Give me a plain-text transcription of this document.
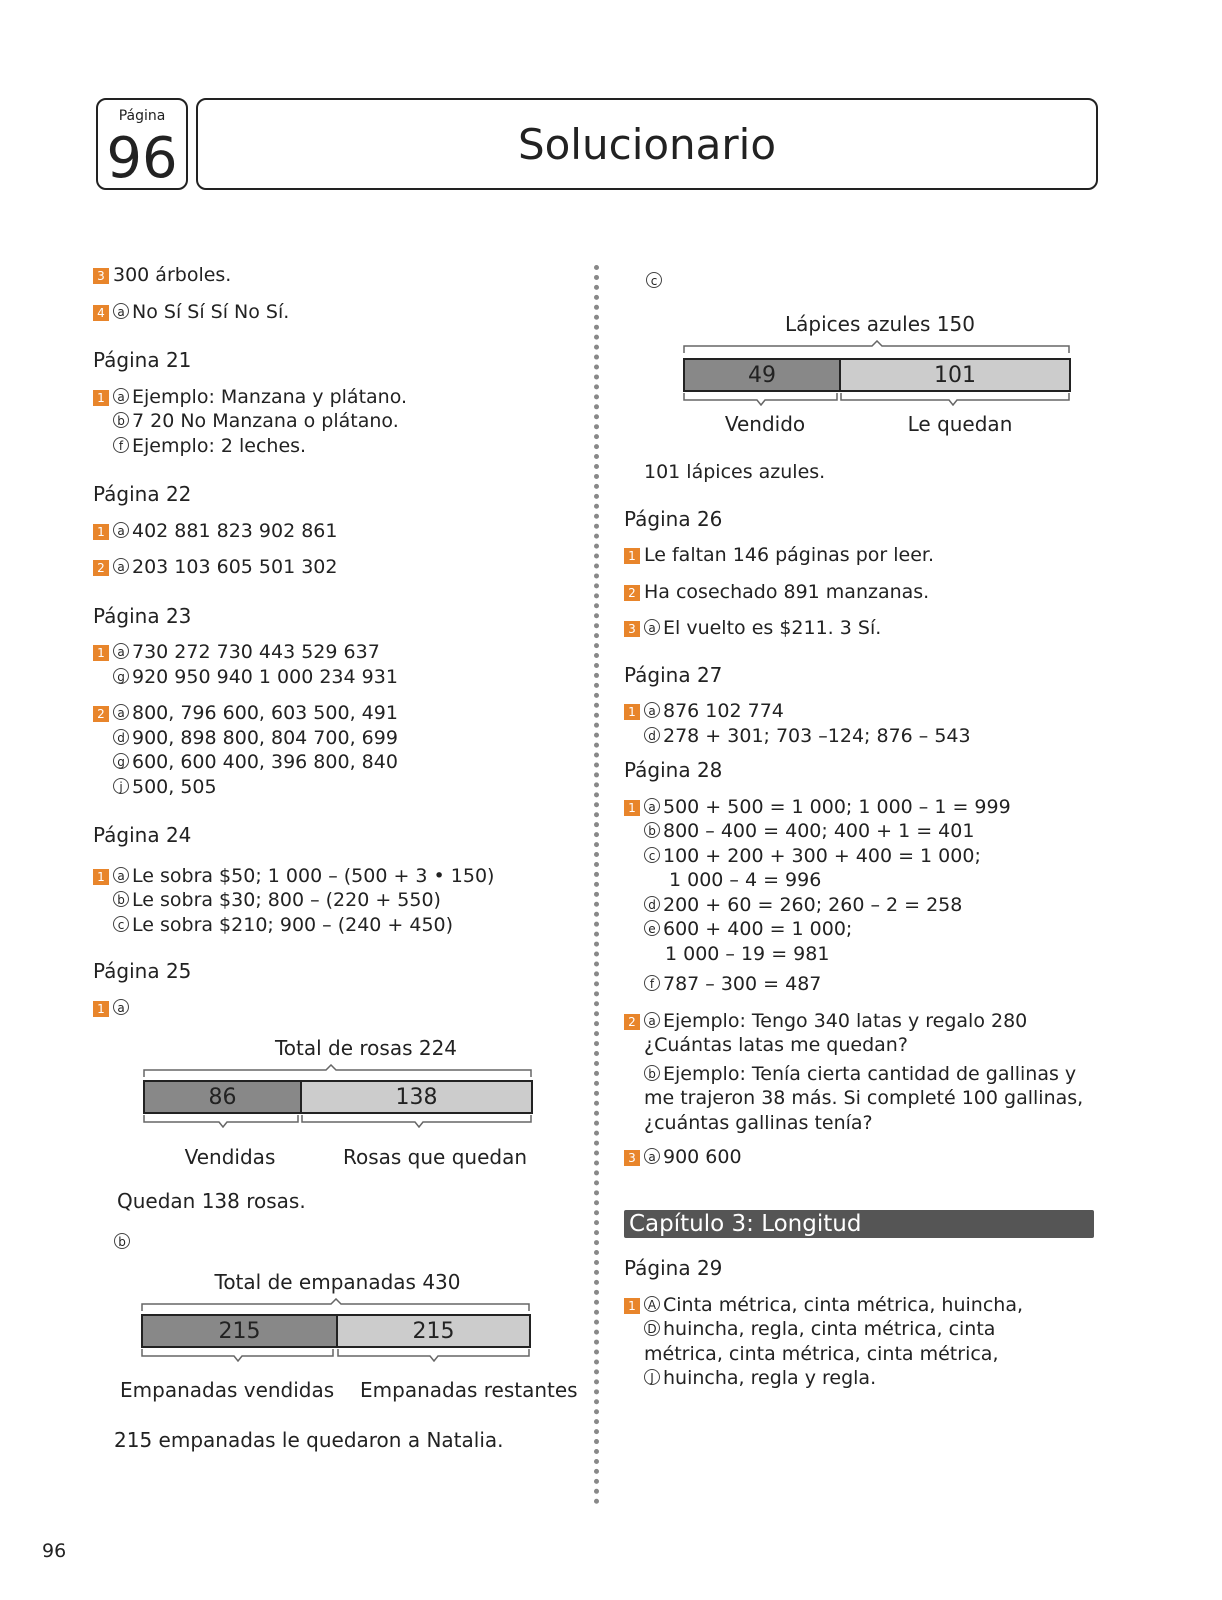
Página
96	Solucionario

3 300 árboles.

4 a No Sí Sí Sí No Sí.

Página 21

1 a Ejemplo: Manzana y plátano.

b 7 20 No Manzana o plátano.

f Ejemplo: 2 leches.

Página 22

1 a 402 881 823 902 861

2 a 203 103 605 501 302

Página 23

1 a 730 272 730 443 529 637

g 920 950 940 1 000 234 931

2 a 800, 796 600, 603 500, 491

d 900, 898 800, 804 700, 699

g 600, 600 400, 396 800, 840

j 500, 505

Página 24

1 a Le sobra $50; 1 000 – (500 + 3 • 150)

b Le sobra $30; 800 – (220 + 550)

c Le sobra $210; 900 – (240 + 450)

Página 25

1 a

Total de rosas 224
86	138
Vendidas	Rosas que quedan
Quedan 138 rosas.
b
Total de empanadas 430
215	215
Empanadas vendidas Empanadas restantes
215 empanadas le quedaron a Natalia.
c
Lápices azules 150
49	101
Vendido	Le quedan

101 lápices azules.

Página 26

1 Le faltan 146 páginas por leer.

2 Ha cosechado 891 manzanas.

3 a El vuelto es $211. 3 Sí.

Página 27

1 a 876 102 774

d 278 + 301; 703 –124; 876 – 543

Página 28

1 a 500 + 500 = 1 000; 1 000 – 1 = 999

b 800 – 400 = 400; 400 + 1 = 401

c 100 + 200 + 300 + 400 = 1 000;

1 000 – 4 = 996

d 200 + 60 = 260; 260 – 2 = 258

e 600 + 400 = 1 000;

1 000 – 19 = 981

f 787 – 300 = 487

2 a Ejemplo: Tengo 340 latas y regalo 280

¿Cuántas latas me quedan?

b Ejemplo: Tenía cierta cantidad de gallinas y

me trajeron 38 más. Si completé 100 gallinas,

¿cuántas gallinas tenía?

3 a 900 600

Capítulo 3: Longitud

Página 29

1 A Cinta métrica, cinta métrica, huincha,

D huincha, regla, cinta métrica, cinta

métrica, cinta métrica, cinta métrica,

J huincha, regla y regla.

96
